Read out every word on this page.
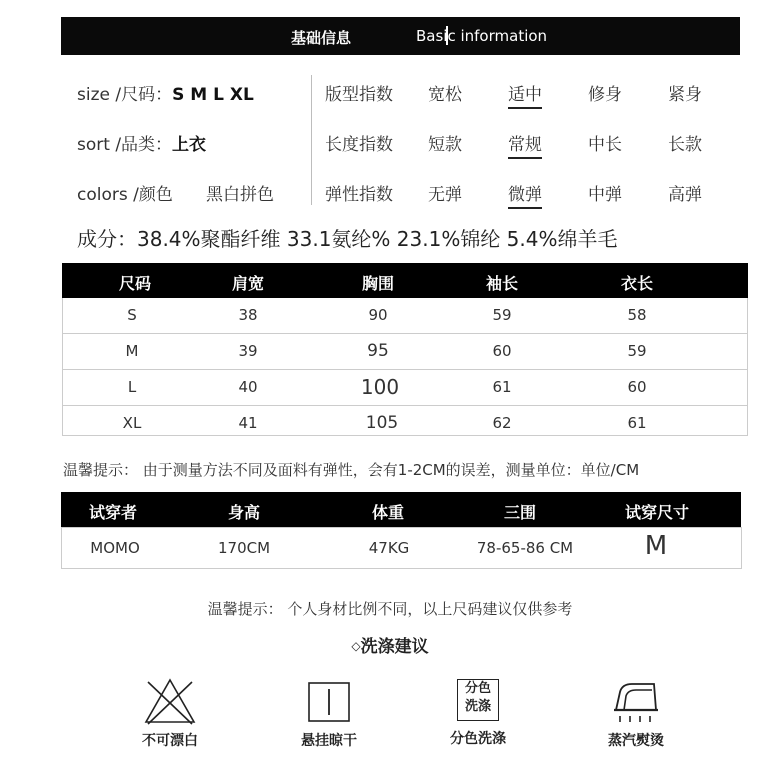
基础信息	Basic information
size /尺码：S M L XL
sort /品类：上衣
colors /颜色 黑白拼色
版型指数 宽松	适中	修身	紧身
长度指数 短款	常规	中长	长款
弹性指数 无弹	微弹	中弹	高弹
成分：38.4%聚酯纤维 33.1氨纶% 23.1%锦纶 5.4%绵羊毛
尺码	肩宽	胸围	袖长	衣长
S	38	90	59	58
M	39	95	60	59
L	40	100	61	60
XL	41	105	62	61
温馨提示： 由于测量方法不同及面料有弹性，会有1-2CM的误差，测量单位：单位/CM
试穿者	身高	体重	三围	试穿尺寸
MOMO	170CM	47KG	78-65-86 CM	M
温馨提示： 个人身材比例不同，以上尺码建议仅供参考
◇洗涤建议
不可漂白	悬挂晾干
分色
洗涤
分色洗涤	蒸汽熨烫
